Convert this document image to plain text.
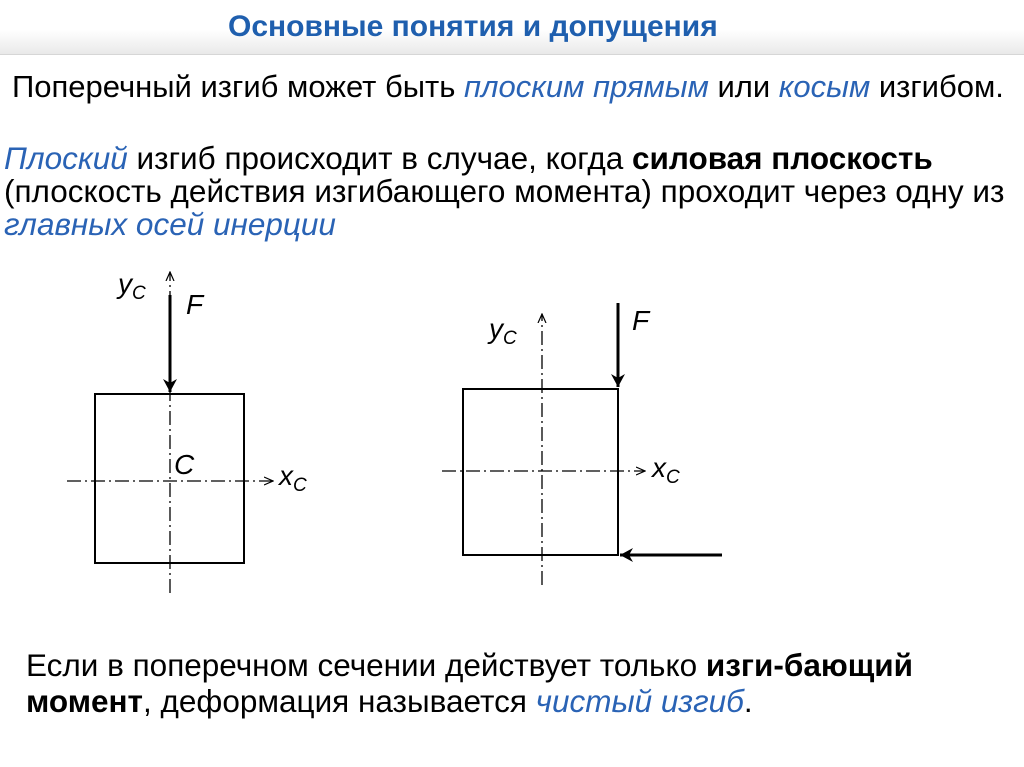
Основные понятия и допущения

Поперечный изгиб может быть плоским прямым или косым изгибом.

Плоский изгиб происходит в случае, когда силовая плоскость (плоскость действия изгибающего момента) проходит через одну из главных осей инерции

$y_C$ F
C	$x_C$
$y_C$
F
$x_C$

Если в поперечном сечении действует только изги-бающий момент, деформация называется чистый изгиб.
